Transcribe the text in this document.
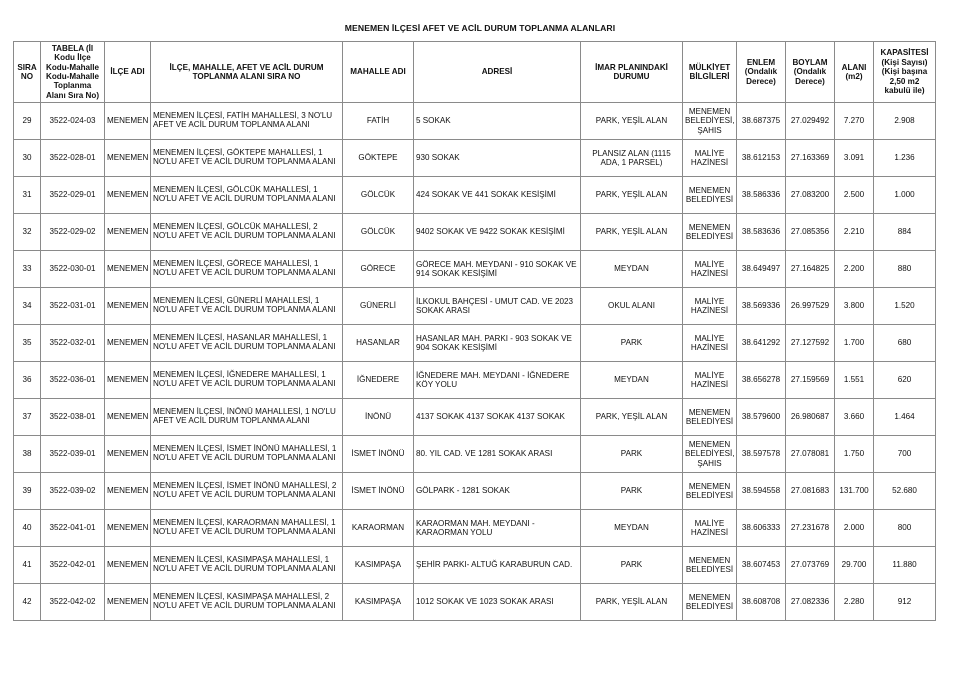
MENEMEN İLÇESİ AFET VE ACİL DURUM TOPLANMA ALANLARI
SIRA NO	TABELA (İl Kodu İlçe Kodu-Mahalle Kodu-Mahalle Toplanma Alanı Sıra No)	İLÇE ADI	İLÇE, MAHALLE, AFET VE ACİL DURUM TOPLANMA ALANI SIRA NO	MAHALLE ADI	ADRESİ	İMAR PLANINDAKİ DURUMU	MÜLKİYET BİLGİLERİ	ENLEM (Ondalık Derece)	BOYLAM (Ondalık Derece)	ALANI (m2)	KAPASİTESİ (Kişi Sayısı) (Kişi başına 2,50 m2 kabulü ile)
29	3522-024-03	MENEMEN	MENEMEN İLÇESİ, FATİH MAHALLESİ, 3 NO'LU AFET VE ACİL DURUM TOPLANMA ALANI	FATİH	5 SOKAK	PARK, YEŞİL ALAN	MENEMEN BELEDİYESİ, ŞAHIS	38.687375	27.029492	7.270	2.908
30	3522-028-01	MENEMEN	MENEMEN İLÇESİ, GÖKTEPE MAHALLESİ, 1 NO'LU AFET VE ACİL DURUM TOPLANMA ALANI	GÖKTEPE	930 SOKAK	PLANSIZ ALAN (1115 ADA, 1 PARSEL)	MALİYE HAZİNESİ	38.612153	27.163369	3.091	1.236
31	3522-029-01	MENEMEN	MENEMEN İLÇESİ, GÖLCÜK MAHALLESİ, 1 NO'LU AFET VE ACİL DURUM TOPLANMA ALANI	GÖLCÜK	424 SOKAK VE 441 SOKAK KESİŞİMİ	PARK, YEŞİL ALAN	MENEMEN BELEDİYESİ	38.586336	27.083200	2.500	1.000
32	3522-029-02	MENEMEN	MENEMEN İLÇESİ, GÖLCÜK MAHALLESİ, 2 NO'LU AFET VE ACİL DURUM TOPLANMA ALANI	GÖLCÜK	9402 SOKAK VE 9422 SOKAK KESİŞİMİ	PARK, YEŞİL ALAN	MENEMEN BELEDİYESİ	38.583636	27.085356	2.210	884
33	3522-030-01	MENEMEN	MENEMEN İLÇESİ, GÖRECE MAHALLESİ, 1 NO'LU AFET VE ACİL DURUM TOPLANMA ALANI	GÖRECE	GÖRECE MAH. MEYDANI - 910 SOKAK VE 914 SOKAK KESİŞİMİ	MEYDAN	MALİYE HAZİNESİ	38.649497	27.164825	2.200	880
34	3522-031-01	MENEMEN	MENEMEN İLÇESİ, GÜNERLİ MAHALLESİ, 1 NO'LU AFET VE ACİL DURUM TOPLANMA ALANI	GÜNERLİ	İLKOKUL BAHÇESİ - UMUT CAD. VE 2023 SOKAK ARASI	OKUL ALANI	MALİYE HAZİNESİ	38.569336	26.997529	3.800	1.520
35	3522-032-01	MENEMEN	MENEMEN İLÇESİ, HASANLAR MAHALLESİ, 1 NO'LU AFET VE ACİL DURUM TOPLANMA ALANI	HASANLAR	HASANLAR MAH. PARKI - 903 SOKAK VE 904 SOKAK KESİŞİMİ	PARK	MALİYE HAZİNESİ	38.641292	27.127592	1.700	680
36	3522-036-01	MENEMEN	MENEMEN İLÇESİ, İĞNEDERE MAHALLESİ, 1 NO'LU AFET VE ACİL DURUM TOPLANMA ALANI	İĞNEDERE	İĞNEDERE MAH. MEYDANI - İĞNEDERE KÖY YOLU	MEYDAN	MALİYE HAZİNESİ	38.656278	27.159569	1.551	620
37	3522-038-01	MENEMEN	MENEMEN İLÇESİ, İNÖNÜ MAHALLESİ, 1 NO'LU AFET VE ACİL DURUM TOPLANMA ALANI	İNÖNÜ	4137 SOKAK 4137 SOKAK 4137 SOKAK	PARK, YEŞİL ALAN	MENEMEN BELEDİYESİ	38.579600	26.980687	3.660	1.464
38	3522-039-01	MENEMEN	MENEMEN İLÇESİ, İSMET İNÖNÜ MAHALLESİ, 1 NO'LU AFET VE ACİL DURUM TOPLANMA ALANI	İSMET İNÖNÜ	80. YIL CAD. VE 1281 SOKAK ARASI	PARK	MENEMEN BELEDİYESİ, ŞAHIS	38.597578	27.078081	1.750	700
39	3522-039-02	MENEMEN	MENEMEN İLÇESİ, İSMET İNÖNÜ MAHALLESİ, 2 NO'LU AFET VE ACİL DURUM TOPLANMA ALANI	İSMET İNÖNÜ	GÖLPARK - 1281 SOKAK	PARK	MENEMEN BELEDİYESİ	38.594558	27.081683	131.700	52.680
40	3522-041-01	MENEMEN	MENEMEN İLÇESİ, KARAORMAN MAHALLESİ, 1 NO'LU AFET VE ACİL DURUM TOPLANMA ALANI	KARAORMAN	KARAORMAN MAH. MEYDANI - KARAORMAN YOLU	MEYDAN	MALİYE HAZİNESİ	38.606333	27.231678	2.000	800
41	3522-042-01	MENEMEN	MENEMEN İLÇESİ, KASIMPAŞA MAHALLESİ, 1 NO'LU AFET VE ACİL DURUM TOPLANMA ALANI	KASIMPAŞA	ŞEHİR PARKI- ALTUĞ KARABURUN CAD.	PARK	MENEMEN BELEDİYESİ	38.607453	27.073769	29.700	11.880
42	3522-042-02	MENEMEN	MENEMEN İLÇESİ, KASIMPAŞA MAHALLESİ, 2 NO'LU AFET VE ACİL DURUM TOPLANMA ALANI	KASIMPAŞA	1012 SOKAK VE 1023 SOKAK ARASI	PARK, YEŞİL ALAN	MENEMEN BELEDİYESİ	38.608708	27.082336	2.280	912
